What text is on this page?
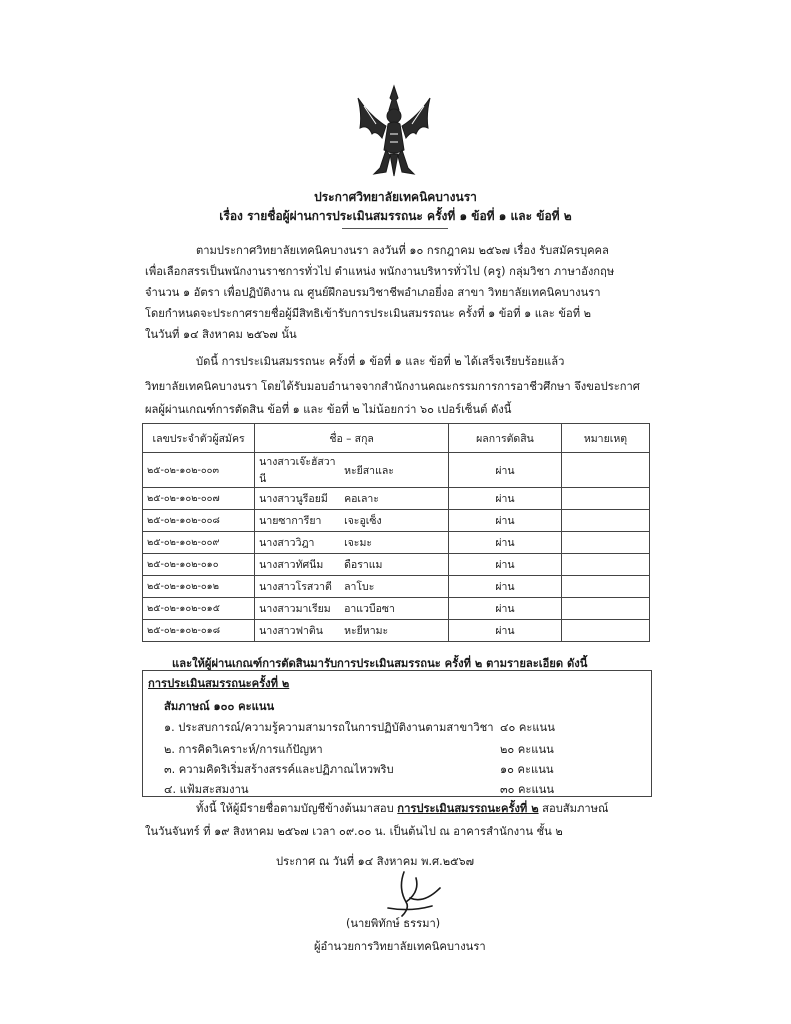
ประกาศวิทยาลัยเทคนิคบางนรา
เรื่อง รายชื่อผู้ผ่านการประเมินสมรรถนะ ครั้งที่ ๑ ข้อที่ ๑ และ ข้อที่ ๒
ตามประกาศวิทยาลัยเทคนิคบางนรา ลงวันที่ ๑๐ กรกฎาคม ๒๕๖๗ เรื่อง รับสมัครบุคคล
เพื่อเลือกสรรเป็นพนักงานราชการทั่วไป ตำแหน่ง พนักงานบริหารทั่วไป (ครู) กลุ่มวิชา ภาษาอังกฤษ
จำนวน ๑ อัตรา เพื่อปฏิบัติงาน ณ ศูนย์ฝึกอบรมวิชาชีพอำเภอยี่งอ สาขา วิทยาลัยเทคนิคบางนรา
โดยกำหนดจะประกาศรายชื่อผู้มีสิทธิเข้ารับการประเมินสมรรถนะ ครั้งที่ ๑ ข้อที่ ๑ และ ข้อที่ ๒
ในวันที่ ๑๔ สิงหาคม ๒๕๖๗ นั้น
บัดนี้ การประเมินสมรรถนะ ครั้งที่ ๑ ข้อที่ ๑ และ ข้อที่ ๒ ได้เสร็จเรียบร้อยแล้ว
วิทยาลัยเทคนิคบางนรา โดยได้รับมอบอำนาจจากสำนักงานคณะกรรมการการอาชีวศึกษา จึงขอประกาศ
ผลผู้ผ่านเกณฑ์การตัดสิน ข้อที่ ๑ และ ข้อที่ ๒ ไม่น้อยกว่า ๖๐ เปอร์เซ็นต์ ดังนี้
เลขประจำตัวผู้สมัคร	ชื่อ – สกุล		ผลการตัดสิน	หมายเหตุ
๒๕-๐๒-๑๐๒-๐๐๓	นางสาวเจ๊ะฮัสวานี	หะยีสาและ	ผ่าน	
๒๕-๐๒-๑๐๒-๐๐๗	นางสาวนูรีอยมี	คอเลาะ	ผ่าน	
๒๕-๐๒-๑๐๒-๐๐๘	นายซาการียา	เจะอูเซ็ง	ผ่าน	
๒๕-๐๒-๑๐๒-๐๐๙	นางสาววิฎา	เจะมะ	ผ่าน	
๒๕-๐๒-๑๐๒-๐๑๐	นางสาวทัศนีม	ดือราแม	ผ่าน	
๒๕-๐๒-๑๐๒-๐๑๒	นางสาวโรสวาตี	ลาโบะ	ผ่าน	
๒๕-๐๒-๑๐๒-๐๑๕	นางสาวมาเรียม	อาแวบือซา	ผ่าน	
๒๕-๐๒-๑๐๒-๐๑๘	นางสาวฟาติน	หะยีหามะ	ผ่าน	
และให้ผู้ผ่านเกณฑ์การตัดสินมารับการประเมินสมรรถนะ ครั้งที่ ๒ ตามรายละเอียด ดังนี้
การประเมินสมรรถนะครั้งที่ ๒
สัมภาษณ์ ๑๐๐ คะแนน
๑. ประสบการณ์/ความรู้ความสามารถในการปฏิบัติงานตามสาขาวิชา ๔๐ คะแนน
๒. การคิดวิเคราะห์/การแก้ปัญหา	๒๐ คะแนน
๓. ความคิดริเริ่มสร้างสรรค์และปฏิภาณไหวพริบ	๑๐ คะแนน
๔. แฟ้มสะสมงาน	๓๐ คะแนน
ทั้งนี้ ให้ผู้มีรายชื่อตามบัญชีข้างต้นมาสอบ การประเมินสมรรถนะครั้งที่ ๒ สอบสัมภาษณ์
ในวันจันทร์ ที่ ๑๙ สิงหาคม ๒๕๖๗ เวลา ๐๙.๐๐ น. เป็นต้นไป ณ อาคารสำนักงาน ชั้น ๒
ประกาศ ณ วันที่ ๑๔ สิงหาคม พ.ศ.๒๕๖๗
(นายพิทักษ์ ธรรมา)
ผู้อำนวยการวิทยาลัยเทคนิคบางนรา
